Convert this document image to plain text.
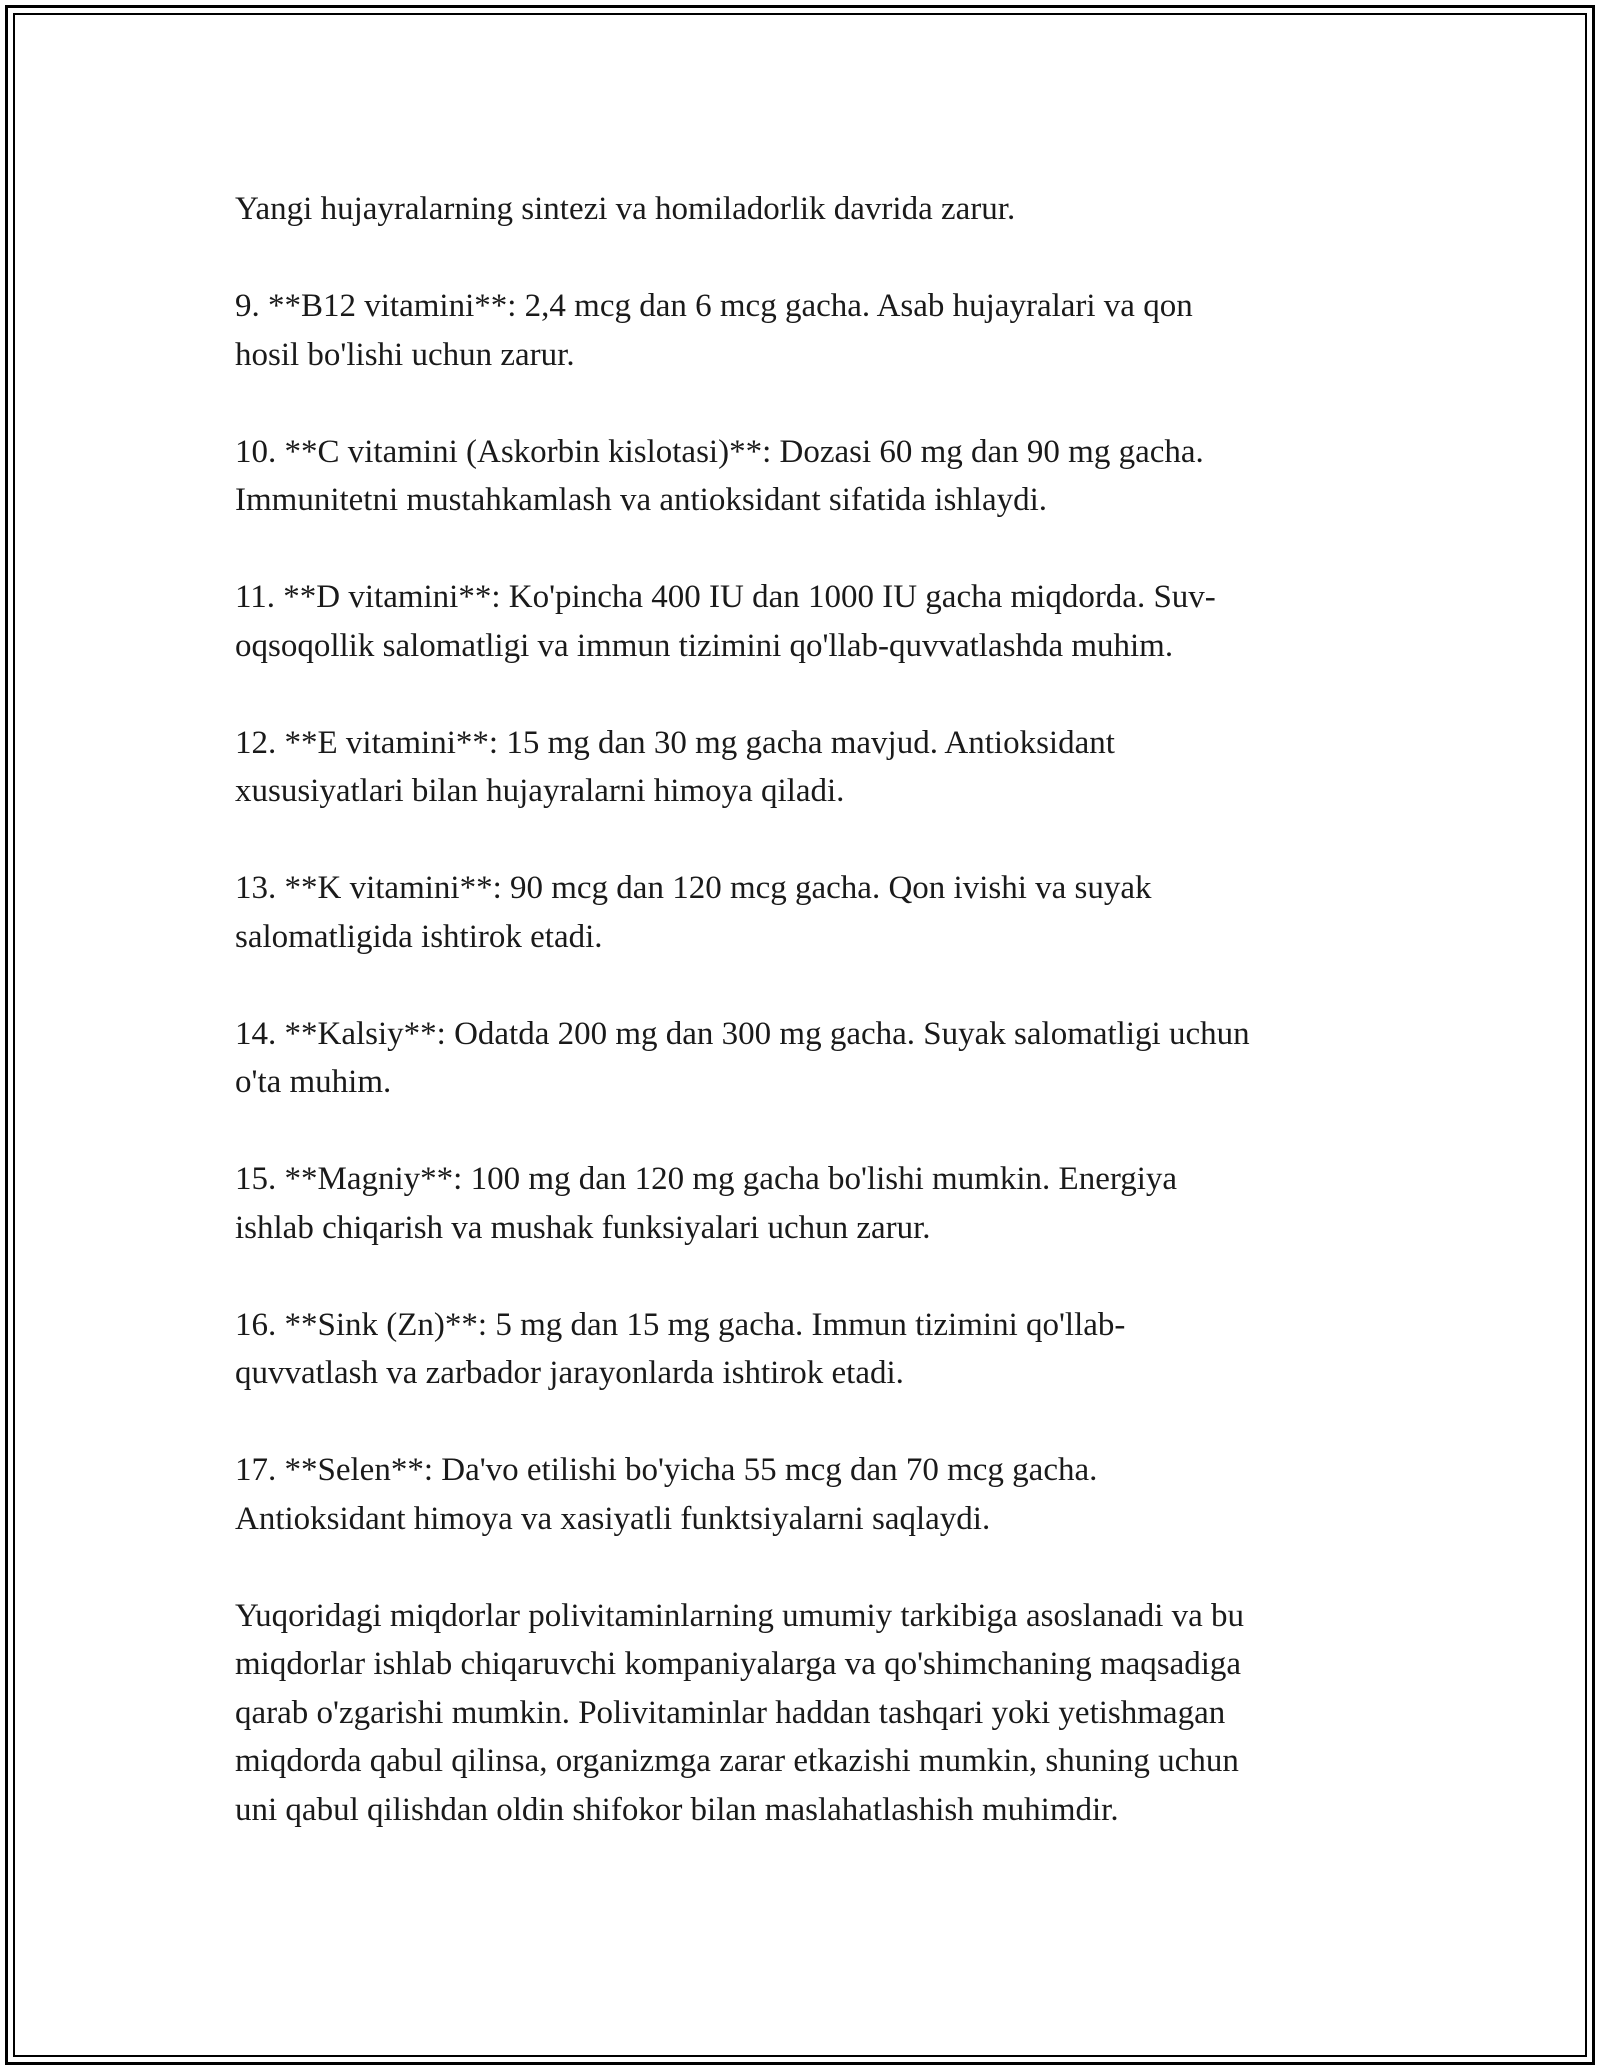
Yangi hujayralarning sintezi va homiladorlik davrida zarur.

9. **B12 vitamini**: 2,4 mcg dan 6 mcg gacha. Asab hujayralari va qon
hosil bo'lishi uchun zarur.
10. **C vitamini (Askorbin kislotasi)**: Dozasi 60 mg dan 90 mg gacha.
Immunitetni mustahkamlash va antioksidant sifatida ishlaydi.
11. **D vitamini**: Ko'pincha 400 IU dan 1000 IU gacha miqdorda. Suv-
oqsoqollik salomatligi va immun tizimini qo'llab-quvvatlashda muhim.
12. **E vitamini**: 15 mg dan 30 mg gacha mavjud. Antioksidant
xususiyatlari bilan hujayralarni himoya qiladi.
13. **K vitamini**: 90 mcg dan 120 mcg gacha. Qon ivishi va suyak
salomatligida ishtirok etadi.
14. **Kalsiy**: Odatda 200 mg dan 300 mg gacha. Suyak salomatligi uchun
o'ta muhim.
15. **Magniy**: 100 mg dan 120 mg gacha bo'lishi mumkin. Energiya
ishlab chiqarish va mushak funksiyalari uchun zarur.
16. **Sink (Zn)**: 5 mg dan 15 mg gacha. Immun tizimini qo'llab-
quvvatlash va zarbador jarayonlarda ishtirok etadi.
17. **Selen**: Da'vo etilishi bo'yicha 55 mcg dan 70 mcg gacha.
Antioksidant himoya va xasiyatli funktsiyalarni saqlaydi.
Yuqoridagi miqdorlar polivitaminlarning umumiy tarkibiga asoslanadi va bu
miqdorlar ishlab chiqaruvchi kompaniyalarga va qo'shimchaning maqsadiga
qarab o'zgarishi mumkin. Polivitaminlar haddan tashqari yoki yetishmagan
miqdorda qabul qilinsa, organizmga zarar etkazishi mumkin, shuning uchun
uni qabul qilishdan oldin shifokor bilan maslahatlashish muhimdir.
